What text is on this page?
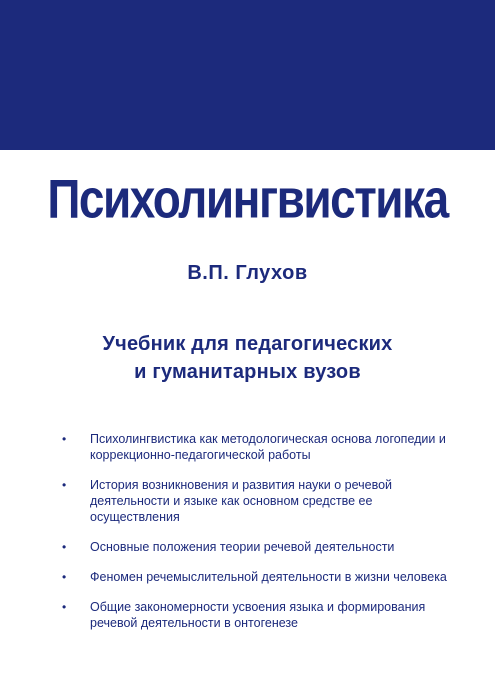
Психолингвистика
В.П. Глухов
Учебник для педагогических
и гуманитарных вузов
• Психолингвистика как методологическая основа логопедии и коррекционно-педагогической работы
• История возникновения и развития науки о речевой деятельности и языке как основном средстве ее осуществления
• Основные положения теории речевой деятельности
• Феномен речемыслительной деятельности в жизни человека
• Общие закономерности усвоения языка и формирования речевой деятельности в онтогенезе
